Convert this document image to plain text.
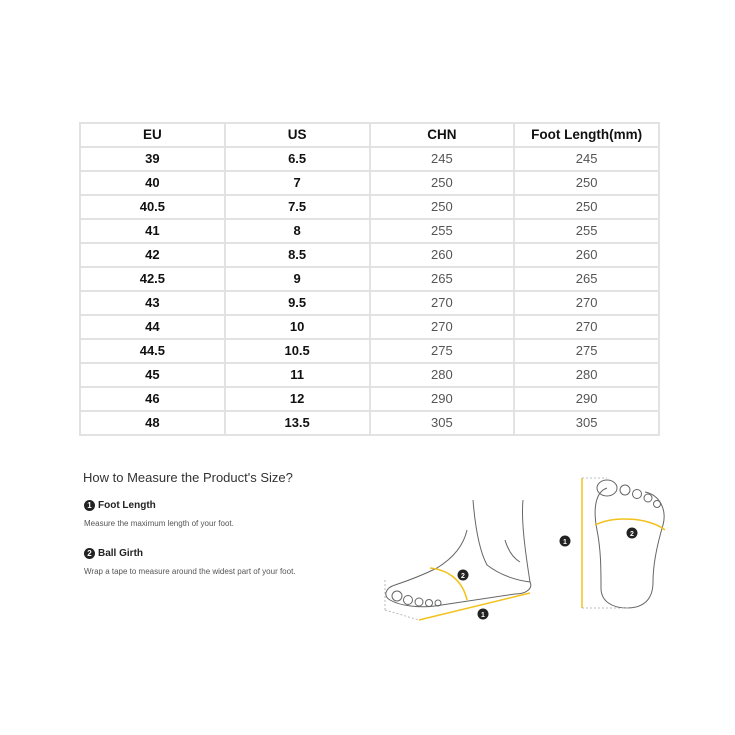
EU	US	CHN	Foot Length(mm)
39	6.5	245	245
40	7	250	250
40.5	7.5	250	250
41	8	255	255
42	8.5	260	260
42.5	9	265	265
43	9.5	270	270
44	10	270	270
44.5	10.5	275	275
45	11	280	280
46	12	290	290
48	13.5	305	305
How to Measure the Product's Size?
1 Foot Length
Measure the maximum length of your foot.
2 Ball Girth
Wrap a tape to measure around the widest part of your foot.
2
1
1
2
